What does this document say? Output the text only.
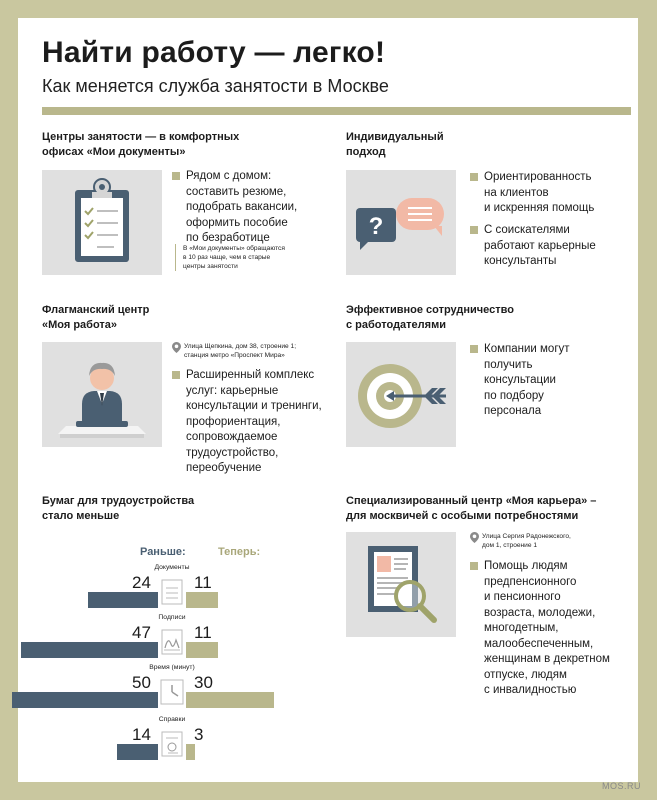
Найти работу — легко!
Как меняется служба занятости в Москве
Центры занятости — в комфортных
офисах «Мои документы»
Рядом с домом:
составить резюме,
подобрать вакансии,
оформить пособие
по безработице
В «Мои документы» обращаются
в 10 раз чаще, чем в старые
центры занятости
Индивидуальный
подход
?
Ориентированность
на клиентов
и искренняя помощь
С соискателями
работают карьерные
консультанты
Флагманский центр
«Моя работа»
Улица Щепкина, дом 38, строение 1;
станция метро «Проспект Мира»
Расширенный комплекс
услуг: карьерные
консультации и тренинги,
профориентация,
сопровождаемое
трудоустройство,
переобучение
Эффективное сотрудничество
с работодателями
Компании могут
получить
консультации
по подбору
персонала
Бумаг для трудоустройства
стало меньше
Раньше:	Теперь:
Документы
24	11
Подписи
47	11
Время (минут)
50	30
Справки
14	3
Специализированный центр «Моя карьера» –
для москвичей с особыми потребностями
Улица Сергия Радонежского,
дом 1, строение 1
Помощь людям
предпенсионного
и пенсионного
возраста, молодежи,
многодетным,
малообеспеченным,
женщинам в декретном
отпуске, людям
с инвалидностью
MOS.RU
